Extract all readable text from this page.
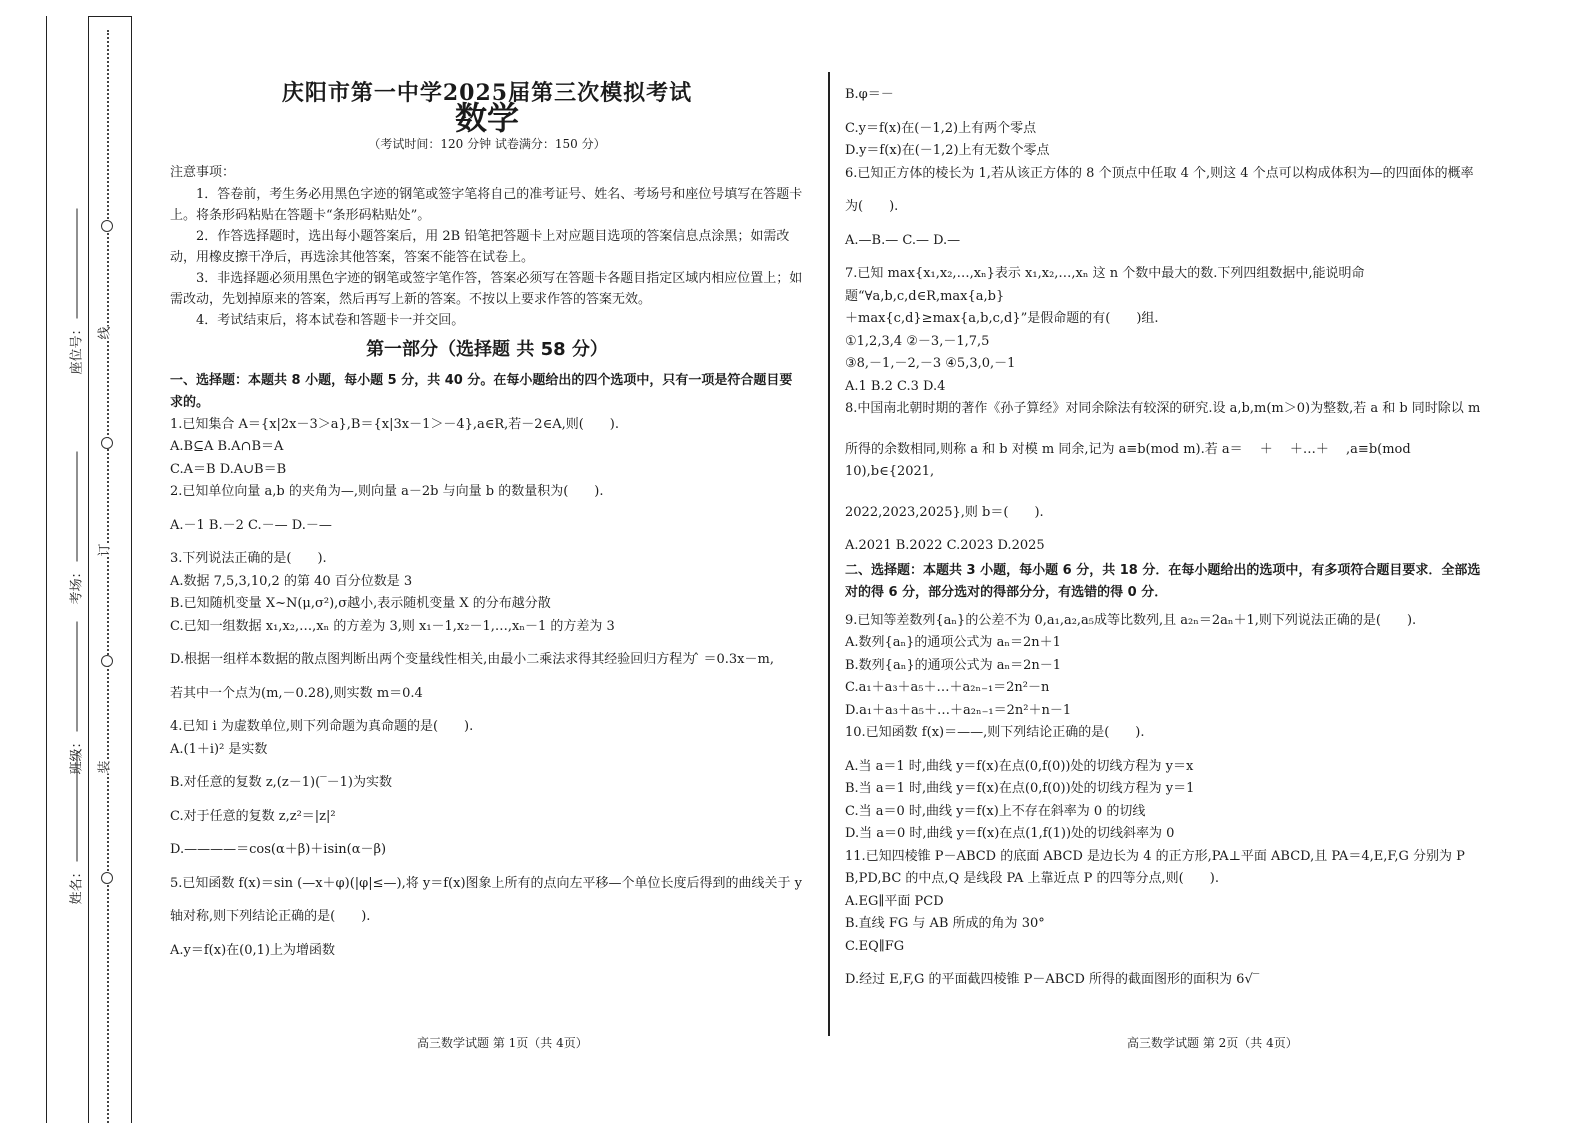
线
订
装
座位号：
考场：
班级：
姓名：
庆阳市第一中学2025届第三次模拟考试
数学
（考试时间：120 分钟 试卷满分：150 分）
注意事项：
1．答卷前，考生务必用黑色字迹的钢笔或签字笔将自己的准考证号、姓名、考场号和座位号填写在答题卡上。将条形码粘贴在答题卡“条形码粘贴处”。
2．作答选择题时，选出每小题答案后，用 2B 铅笔把答题卡上对应题目选项的答案信息点涂黑；如需改动，用橡皮擦干净后，再选涂其他答案，答案不能答在试卷上。
3．非选择题必须用黑色字迹的钢笔或签字笔作答，答案必须写在答题卡各题目指定区域内相应位置上；如需改动，先划掉原来的答案，然后再写上新的答案。不按以上要求作答的答案无效。
4．考试结束后，将本试卷和答题卡一并交回。
第一部分（选择题 共 58 分）
一、选择题：本题共 8 小题，每小题 5 分，共 40 分。在每小题给出的四个选项中，只有一项是符合题目要求的。
1.已知集合 A＝{x|2x－3＞a},B＝{x|3x－1＞－4},a∈R,若－2∈A,则(　　).
A.B⊆A B.A∩B＝A
C.A＝B D.A∪B＝B
2.已知单位向量 a,b 的夹角为—,则向量 a－2b 与向量 b 的数量积为(　　).
A.－1 B.－2 C.－— D.－—
3.下列说法正确的是(　　).
A.数据 7,5,3,10,2 的第 40 百分位数是 3
B.已知随机变量 X~N(μ,σ²),σ越小,表示随机变量 X 的分布越分散
C.已知一组数据 x₁,x₂,…,xₙ 的方差为 3,则 x₁－1,x₂－1,…,xₙ－1 的方差为 3
D.根据一组样本数据的散点图判断出两个变量线性相关,由最小二乘法求得其经验回归方程为 ̂ ＝0.3x－m,
若其中一个点为(m,－0.28),则实数 m＝0.4
4.已知 i 为虚数单位,则下列命题为真命题的是(　　).
A.(1＋i)² 是实数
B.对任意的复数 z,(z－1)(‾－1)为实数
C.对于任意的复数 z,z²＝|z|²
D.————＝cos(α＋β)＋isin(α－β)
5.已知函数 f(x)＝sin (—x＋φ)(|φ|≤—),将 y＝f(x)图象上所有的点向左平移—个单位长度后得到的曲线关于 y
轴对称,则下列结论正确的是(　　).
A.y＝f(x)在(0,1)上为增函数
B.φ＝－
C.y＝f(x)在(－1,2)上有两个零点
D.y＝f(x)在(－1,2)上有无数个零点
6.已知正方体的棱长为 1,若从该正方体的 8 个顶点中任取 4 个,则这 4 个点可以构成体积为—的四面体的概率
为(　　).
A.—B.— C.— D.—
7.已知 max{x₁,x₂,…,xₙ}表示 x₁,x₂,…,xₙ 这 n 个数中最大的数.下列四组数据中,能说明命题“∀a,b,c,d∈R,max{a,b}
＋max{c,d}≥max{a,b,c,d}”是假命题的有(　　)组.
①1,2,3,4 ②－3,－1,7,5
③8,－1,－2,－3 ④5,3,0,－1
A.1 B.2 C.3 D.4
8.中国南北朝时期的著作《孙子算经》对同余除法有较深的研究.设 a,b,m(m＞0)为整数,若 a 和 b 同时除以 m
所得的余数相同,则称 a 和 b 对模 m 同余,记为 a≡b(mod m).若 a＝　 ＋　 ＋…＋　 ,a≡b(mod 10),b∈{2021,
2022,2023,2025},则 b＝(　　).
A.2021 B.2022 C.2023 D.2025
二、选择题：本题共 3 小题，每小题 6 分，共 18 分．在每小题给出的选项中，有多项符合题目要求．全部选对的得 6 分，部分选对的得部分分，有选错的得 0 分．
9.已知等差数列{aₙ}的公差不为 0,a₁,a₂,a₅成等比数列,且 a₂ₙ＝2aₙ＋1,则下列说法正确的是(　　).
A.数列{aₙ}的通项公式为 aₙ＝2n＋1
B.数列{aₙ}的通项公式为 aₙ＝2n－1
C.a₁＋a₃＋a₅＋…＋a₂ₙ₋₁＝2n²－n
D.a₁＋a₃＋a₅＋…＋a₂ₙ₋₁＝2n²＋n－1
10.已知函数 f(x)＝——,则下列结论正确的是(　　).
A.当 a＝1 时,曲线 y＝f(x)在点(0,f(0))处的切线方程为 y＝x
B.当 a＝1 时,曲线 y＝f(x)在点(0,f(0))处的切线方程为 y＝1
C.当 a＝0 时,曲线 y＝f(x)上不存在斜率为 0 的切线
D.当 a＝0 时,曲线 y＝f(x)在点(1,f(1))处的切线斜率为 0
11.已知四棱锥 P－ABCD 的底面 ABCD 是边长为 4 的正方形,PA⊥平面 ABCD,且 PA＝4,E,F,G 分别为 P
B,PD,BC 的中点,Q 是线段 PA 上靠近点 P 的四等分点,则(　　).
A.EG∥平面 PCD
B.直线 FG 与 AB 所成的角为 30°
C.EQ∥FG
D.经过 E,F,G 的平面截四棱锥 P－ABCD 所得的截面图形的面积为 6√‾
高三数学试题 第 1页（共 4页）	高三数学试题 第 2页（共 4页）
